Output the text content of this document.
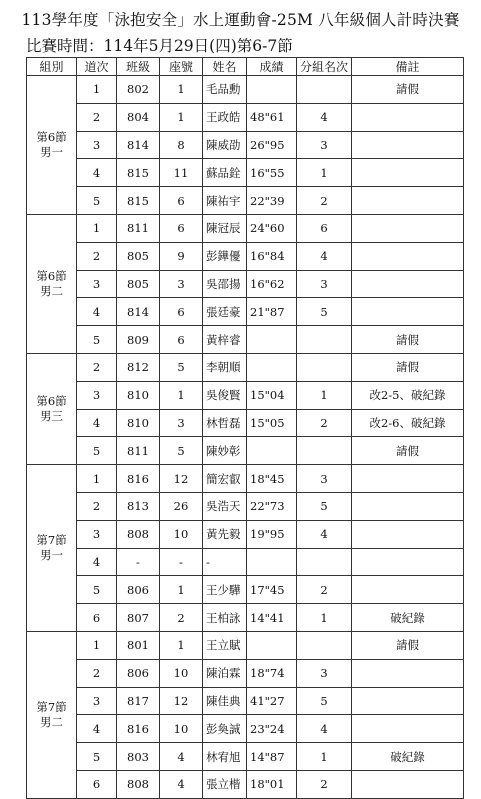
113學年度「泳抱安全」水上運動會-25M 八年級個人計時決賽
比賽時間：114年5月29日(四)第6-7節
組別	道次	班級	座號	姓名	成績	分組名次	備註

第6節
男一	1	802	1	毛品勳			請假
	2	804	1	王政皓	48"61	4	
	3	814	8	陳威劭	26"95	3	
	4	815	11	蘇品銓	16"55	1	
	5	815	6	陳祐宇	22"39	2	

第6節
男二	1	811	6	陳冠辰	24"60	6	
	2	805	9	彭鏵優	16"84	4	
	3	805	3	吳邵揚	16"62	3	
	4	814	6	張廷豪	21"87	5	
	5	809	6	黃梓睿			請假

第6節
男三	2	812	5	李朝順			請假
	3	810	1	吳俊賢	15"04	1	改2-5、破紀錄
	4	810	3	林哲磊	15"05	2	改2-6、破紀錄
	5	811	5	陳妙彰			請假

第7節
男一	1	816	12	簡宏叡	18"45	3	
	2	813	26	吳浩天	22"73	5	
	3	808	10	黃先毅	19"95	4	
	4	-	-	-			
	5	806	1	王少驊	17"45	2	
	6	807	2	王柏詠	14"41	1	破紀錄

第7節
男二	1	801	1	王立賦			請假
	2	806	10	陳泊霖	18"74	3	
	3	817	12	陳佳典	41"27	5	
	4	816	10	彭奐誠	23"24	4	
	5	803	4	林宥旭	14"87	1	破紀錄
	6	808	4	張立楷	18"01	2	
